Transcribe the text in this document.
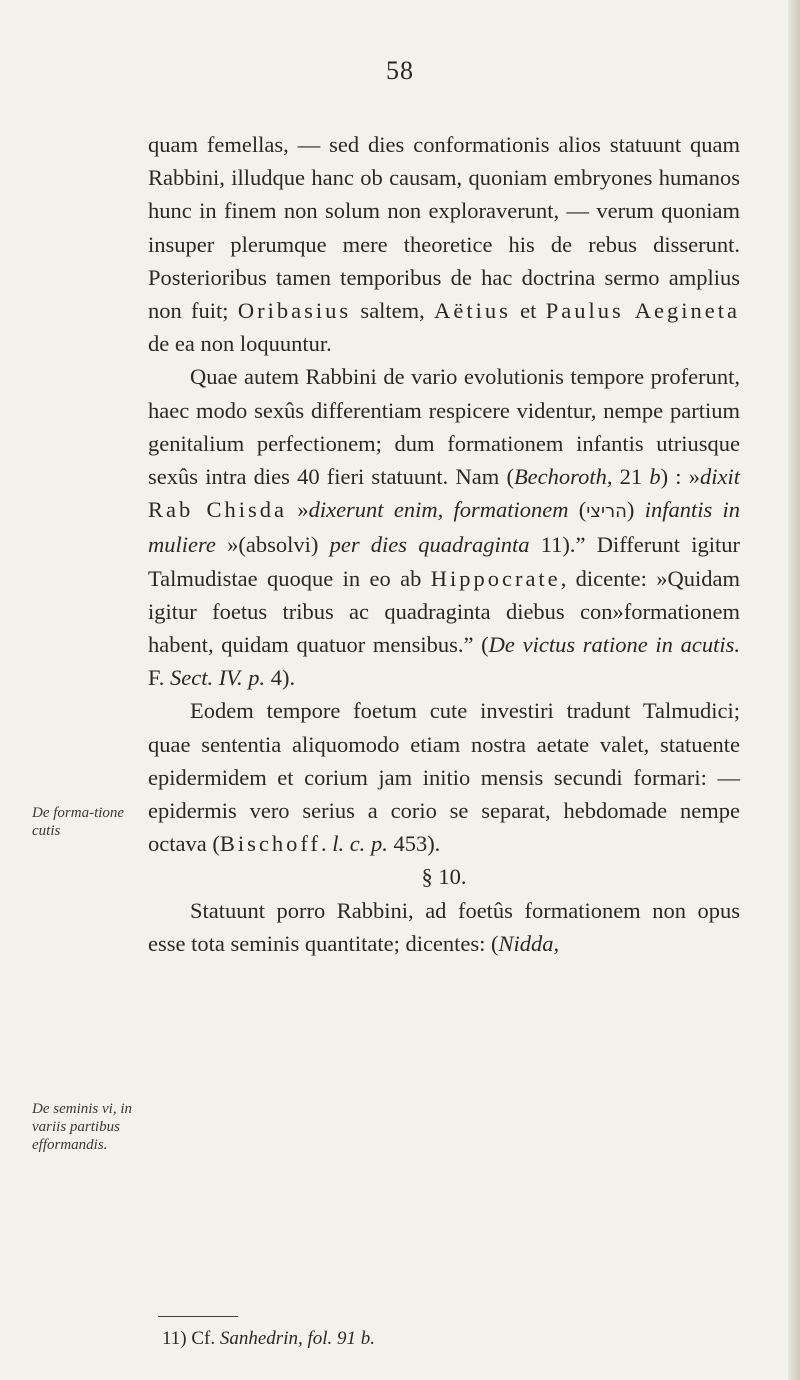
58

quam femellas, — sed dies conformationis alios statuunt quam Rabbini, illudque hanc ob causam, quoniam embryones humanos hunc in finem non solum non exploraverunt, — verum quoniam insuper plerumque mere theoretice his de rebus disserunt. Posterioribus tamen temporibus de hac doctrina sermo amplius non fuit; Oribasius saltem, Aëtius et Paulus Aegineta de ea non loquuntur.

Quae autem Rabbini de vario evolutionis tempore proferunt, haec modo sexûs differentiam respicere videntur, nempe partium genitalium perfectionem; dum formationem infantis utriusque sexûs intra dies 40 fieri statuunt. Nam (Bechoroth, 21 b) : »dixit Rab Chisda »dixerunt enim, formationem (הריצי) infantis in muliere »(absolvi) per dies quadraginta 11).” Differunt igitur Talmudistae quoque in eo ab Hippocrate, dicente: »Quidam igitur foetus tribus ac quadraginta diebus con»formationem habent, quidam quatuor mensibus.” (De victus ratione in acutis. F. Sect. IV. p. 4).

Eodem tempore foetum cute investiri tradunt Talmudici; quae sententia aliquomodo etiam nostra aetate valet, statuente epidermidem et corium jam initio mensis secundi formari: — epidermis vero serius a corio se separat, hebdomade nempe octava (Bischoff. l. c. p. 453).

§ 10.

Statuunt porro Rabbini, ad foetûs formationem non opus esse tota seminis quantitate; dicentes: (Nidda,

De forma-tione cutis
De seminis vi, in variis partibus efformandis.
11) Cf. Sanhedrin, fol. 91 b.
